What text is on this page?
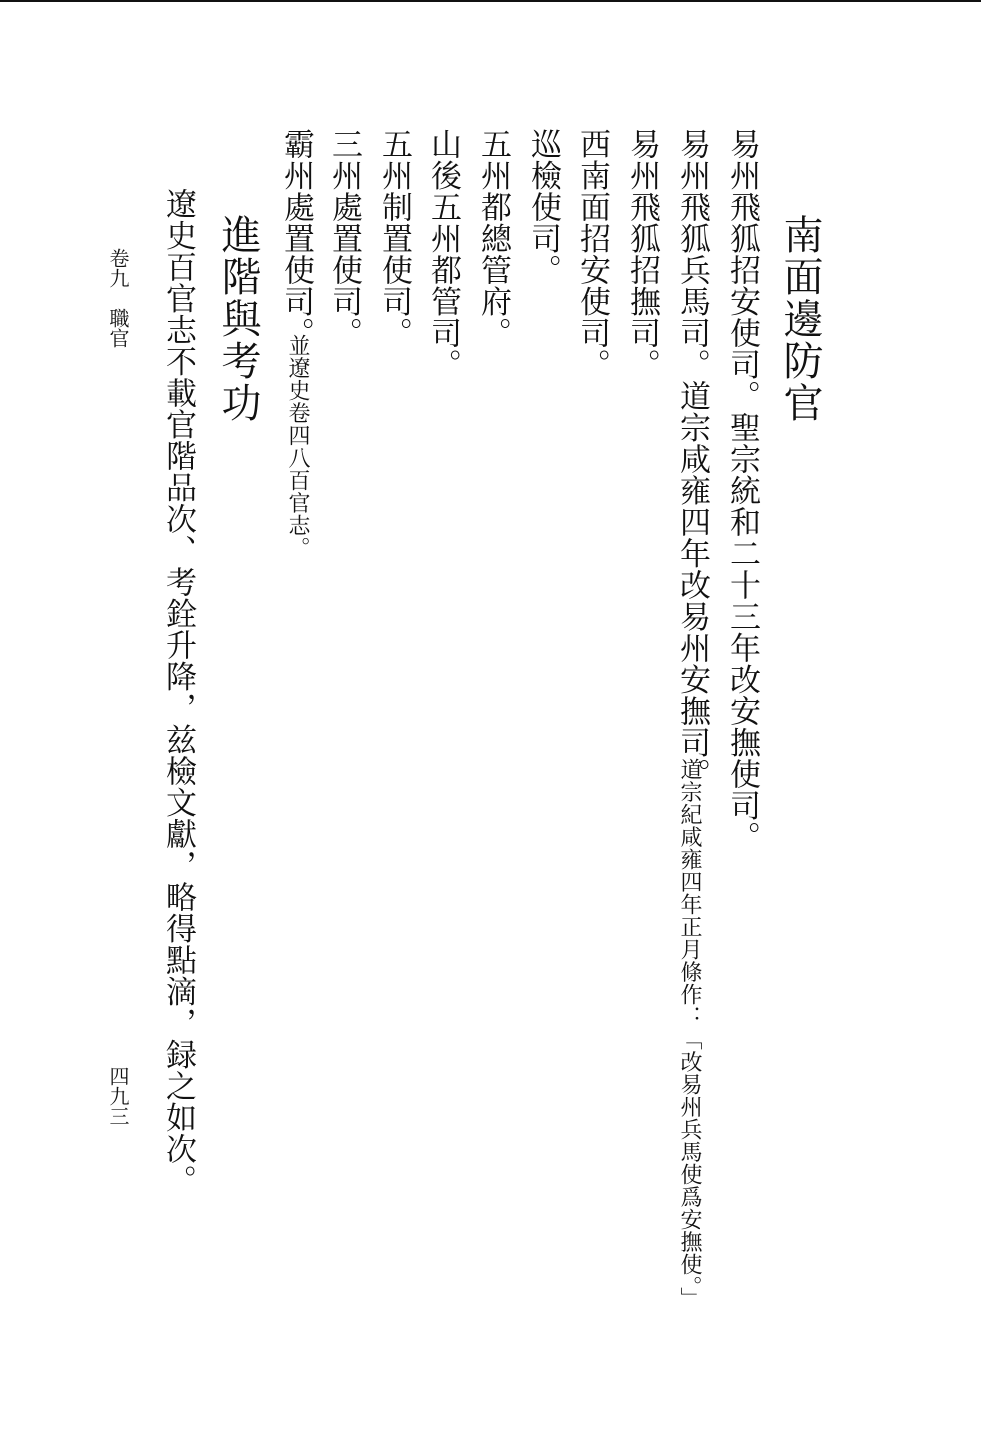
南面邊防官
易州飛狐招安使司。聖宗統和二十三年改安撫使司。
易州飛狐兵馬司。道宗咸雍四年改易州安撫司。
道宗紀咸雍四年正月條作：「改易州兵馬使爲安撫使。」
易州飛狐招撫司。
西南面招安使司。
巡檢使司。
五州都總管府。
山後五州都管司。
五州制置使司。
三州處置使司。
霸州處置使司。
並遼史卷四八百官志。
進階與考功
遼史百官志不載官階品次、考銓升降，兹檢文獻，略得點滴，録之如次。
卷九　職官
四九三
